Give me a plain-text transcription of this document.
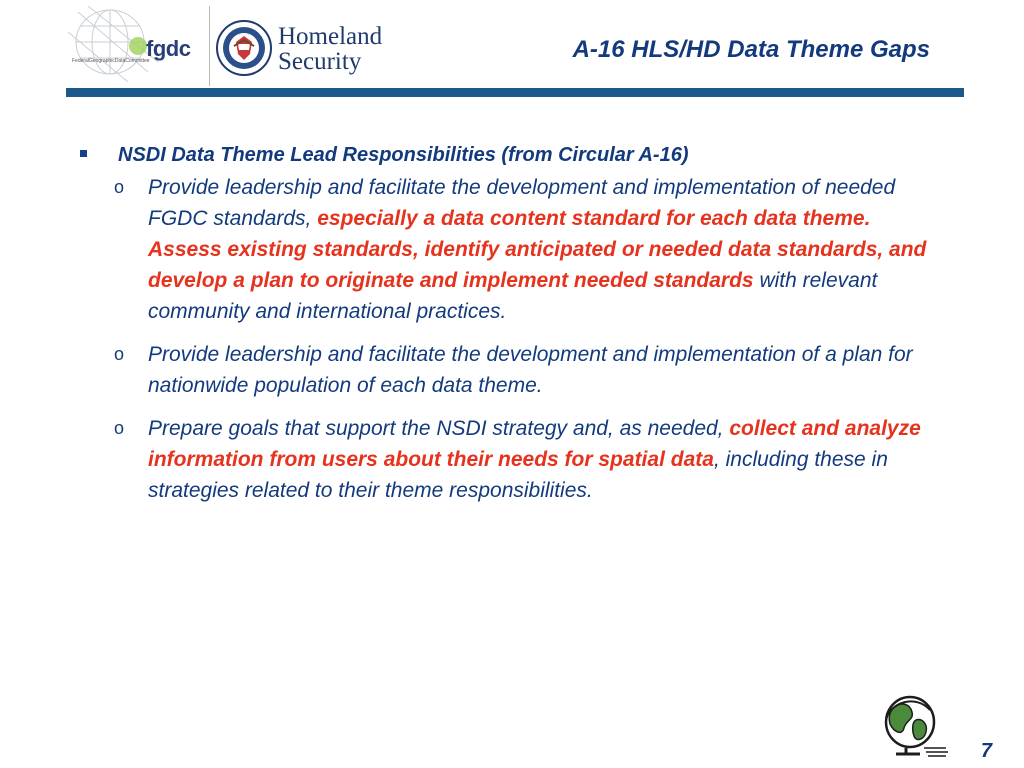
fgdc
FederalGeographicDataCommittee
Homeland
Security	A-16 HLS/HD Data Theme Gaps
NSDI Data Theme Lead Responsibilities (from Circular A-16)
o	Provide leadership and facilitate the development and implementation of needed FGDC standards, especially a data content standard for each data theme. Assess existing standards, identify anticipated or needed data standards, and develop a plan to originate and implement needed standards with relevant community and international practices.
o	Provide leadership and facilitate the development and implementation of a plan for nationwide population of each data theme.
o	Prepare goals that support the NSDI strategy and, as needed, collect and analyze information from users about their needs for spatial data, including these in strategies related to their theme responsibilities.
7
